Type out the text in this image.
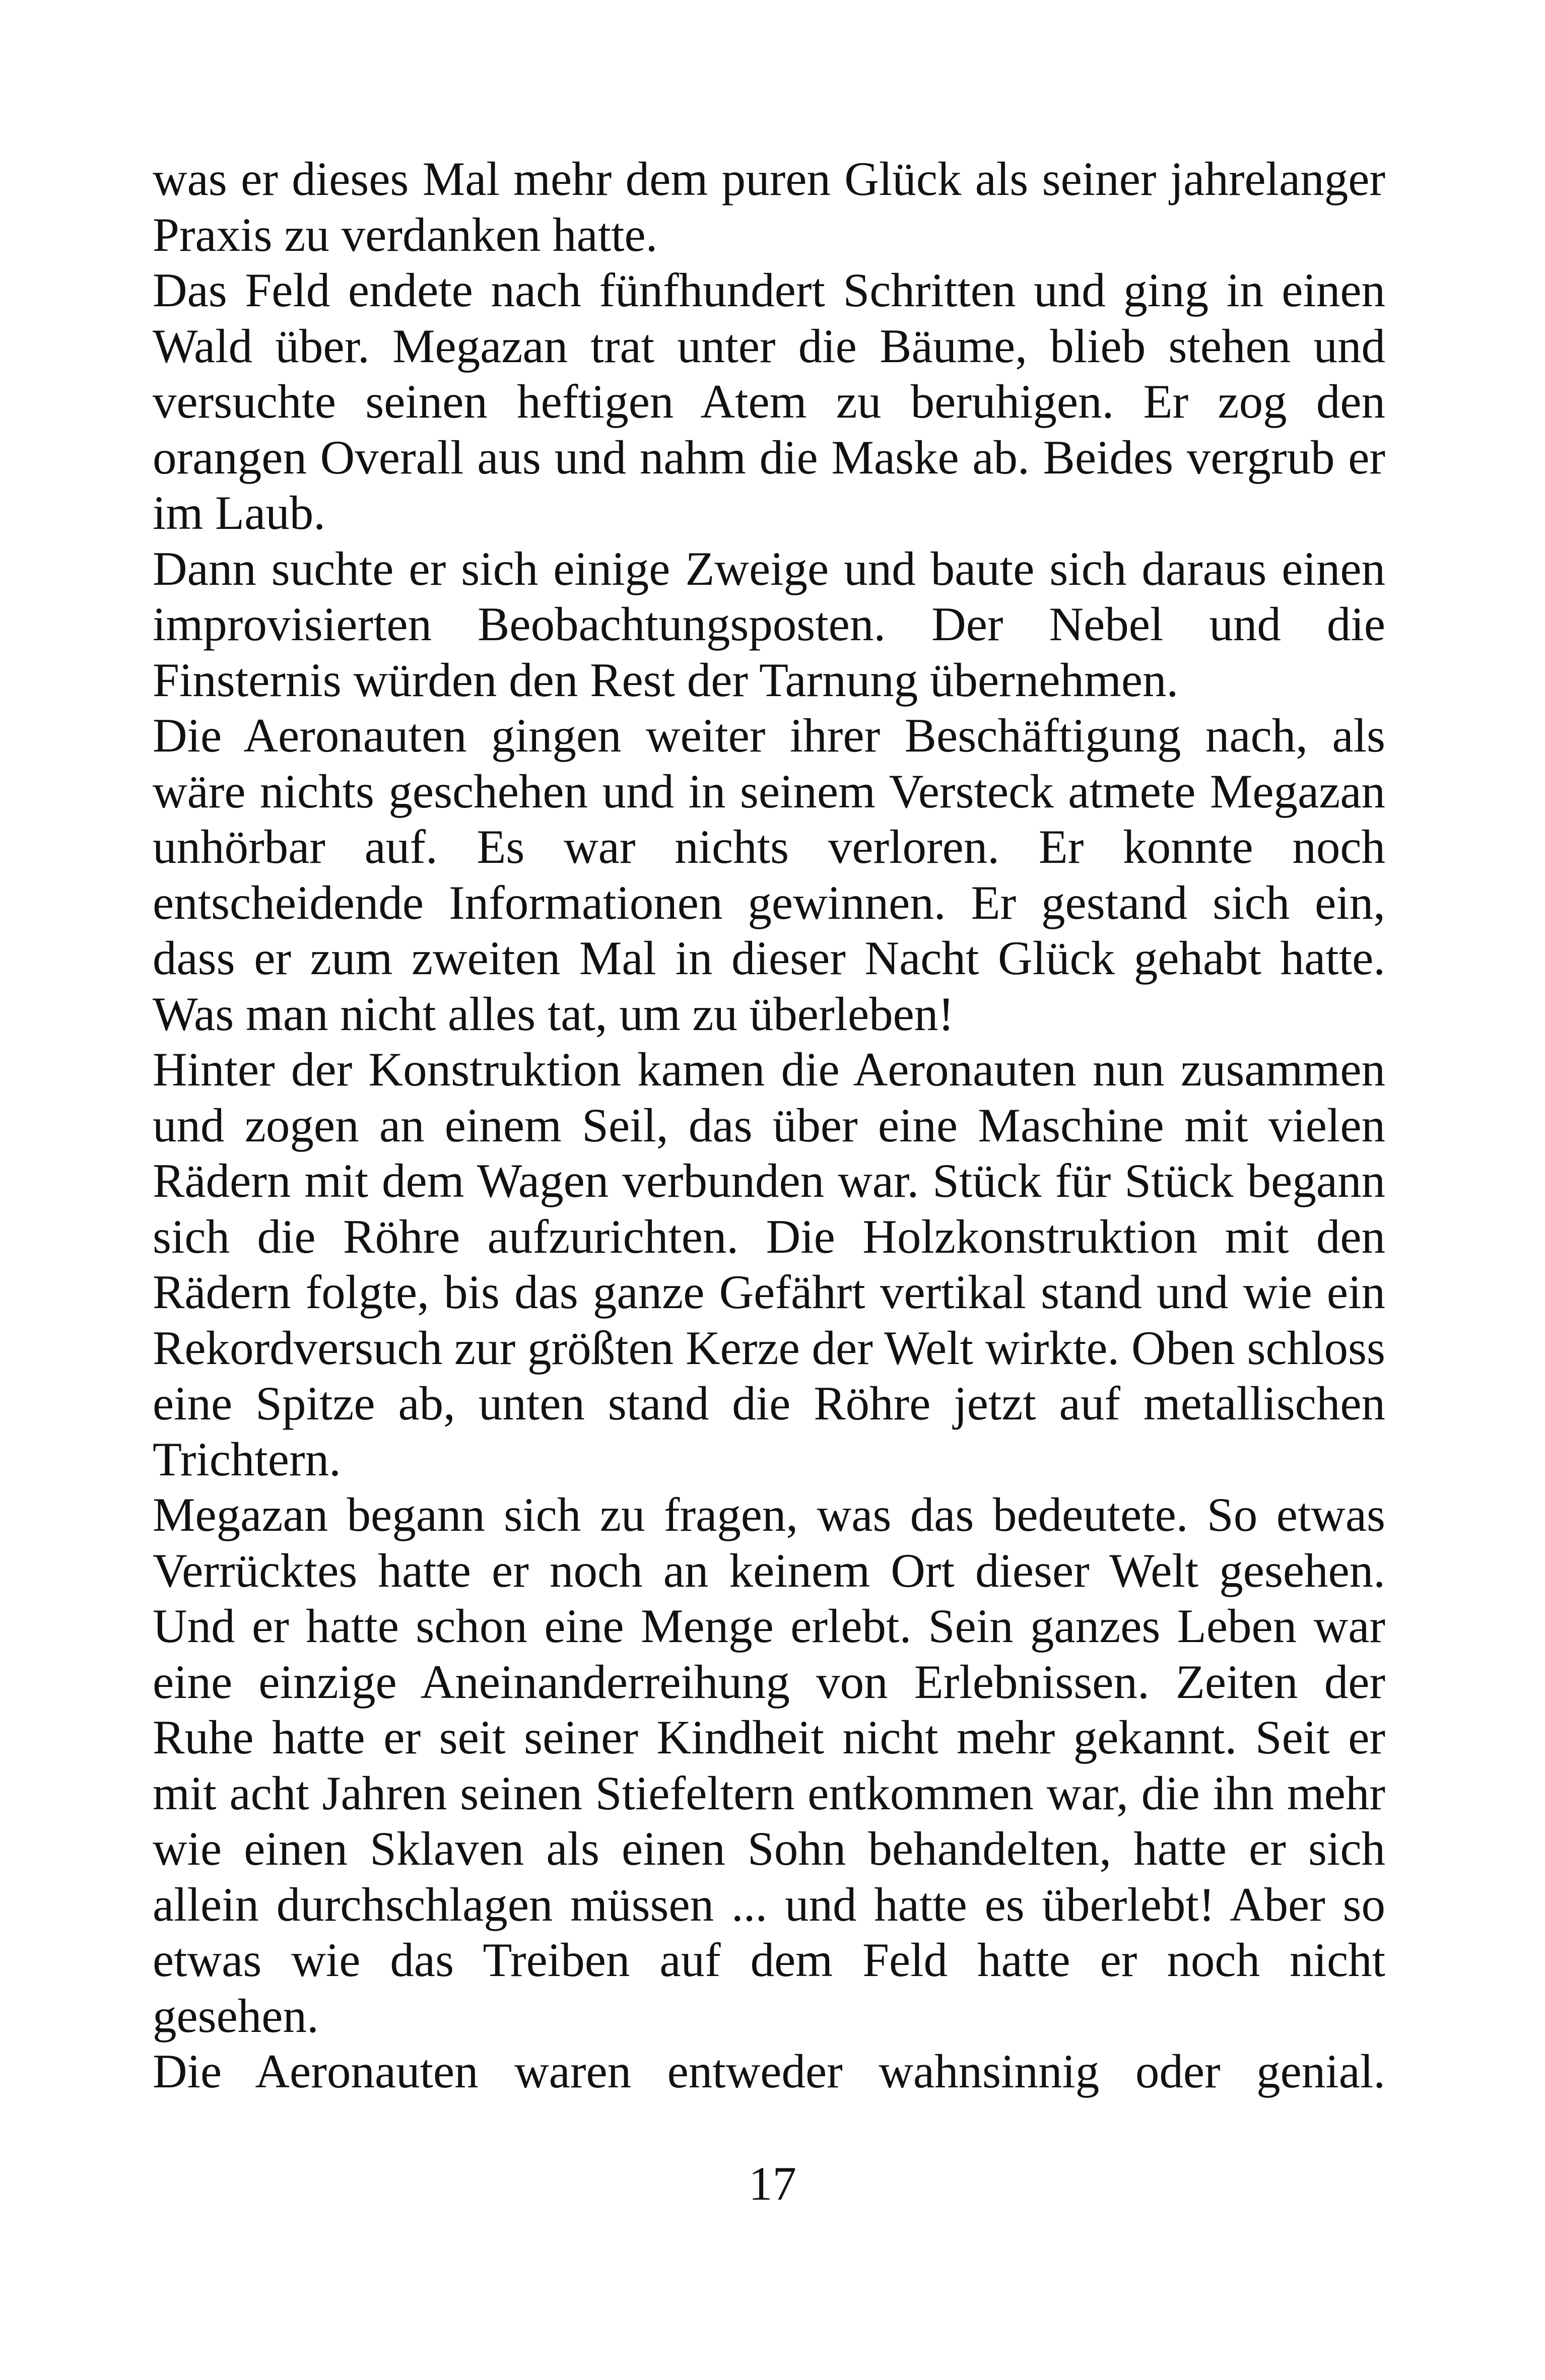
was er dieses Mal mehr dem puren Glück als seiner jahrelanger Praxis zu verdanken hatte.

Das Feld endete nach fünfhundert Schritten und ging in einen Wald über. Megazan trat unter die Bäume, blieb stehen und versuchte seinen heftigen Atem zu beruhigen. Er zog den orangen Overall aus und nahm die Maske ab. Beides vergrub er im Laub.

Dann suchte er sich einige Zweige und baute sich daraus einen improvisierten Beobachtungsposten. Der Nebel und die Finsternis würden den Rest der Tarnung übernehmen.

Die Aeronauten gingen weiter ihrer Beschäftigung nach, als wäre nichts geschehen und in seinem Versteck atmete Megazan unhörbar auf. Es war nichts verloren. Er konnte noch entscheidende Informationen gewinnen. Er gestand sich ein, dass er zum zweiten Mal in dieser Nacht Glück gehabt hatte. Was man nicht alles tat, um zu überleben!

Hinter der Konstruktion kamen die Aeronauten nun zusammen und zogen an einem Seil, das über eine Maschine mit vielen Rädern mit dem Wagen verbunden war. Stück für Stück begann sich die Röhre aufzurichten. Die Holzkonstruktion mit den Rädern folgte, bis das ganze Gefährt vertikal stand und wie ein Rekordversuch zur größten Kerze der Welt wirkte. Oben schloss eine Spitze ab, unten stand die Röhre jetzt auf metallischen Trichtern.

Megazan begann sich zu fragen, was das bedeutete. So etwas Verrücktes hatte er noch an keinem Ort dieser Welt gesehen. Und er hatte schon eine Menge erlebt. Sein ganzes Leben war eine einzige Aneinanderreihung von Erlebnissen. Zeiten der Ruhe hatte er seit seiner Kindheit nicht mehr gekannt. Seit er mit acht Jahren seinen Stiefeltern entkommen war, die ihn mehr wie einen Sklaven als einen Sohn behandelten, hatte er sich allein durchschlagen müssen ... und hatte es überlebt! Aber so etwas wie das Treiben auf dem Feld hatte er noch nicht gesehen.

Die Aeronauten waren entweder wahnsinnig oder genial.

17
